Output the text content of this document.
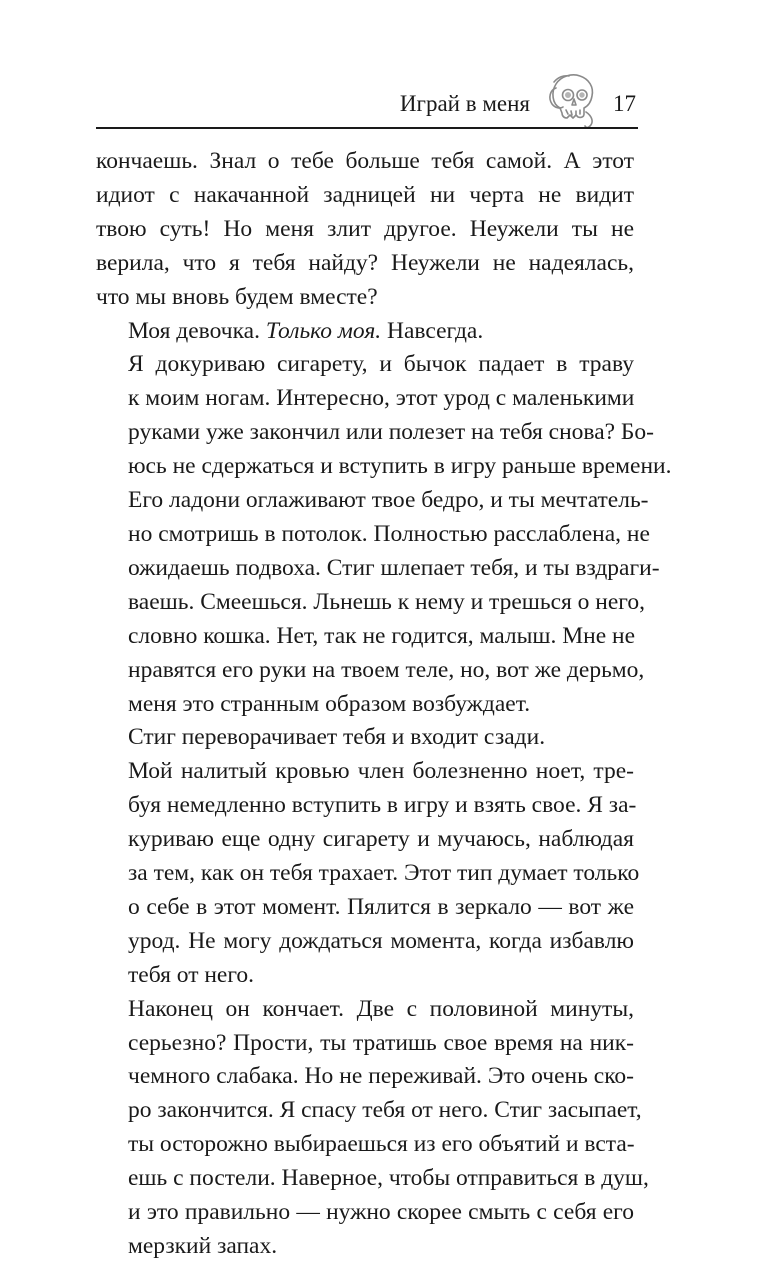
Играй в меня	17

кончаешь. Знал о тебе больше тебя самой. А этот
идиот с накачанной задницей ни черта не видит
твою суть! Но меня злит другое. Неужели ты не
верила, что я тебя найду? Неужели не надеялась,
что мы вновь будем вместе?

Моя девочка. Только моя. Навсегда.

Я докуриваю сигарету, и бычок падает в траву
к моим ногам. Интересно, этот урод с маленькими
руками уже закончил или полезет на тебя снова? Бо-
юсь не сдержаться и вступить в игру раньше времени.
Его ладони оглаживают твое бедро, и ты мечтатель-
но смотришь в потолок. Полностью расслаблена, не
ожидаешь подвоха. Стиг шлепает тебя, и ты вздраги-
ваешь. Смеешься. Льнешь к нему и трешься о него,
словно кошка. Нет, так не годится, малыш. Мне не
нравятся его руки на твоем теле, но, вот же дерьмо,
меня это странным образом возбуждает.

Стиг переворачивает тебя и входит сзади.

Мой налитый кровью член болезненно ноет, тре-
буя немедленно вступить в игру и взять свое. Я за-
куриваю еще одну сигарету и мучаюсь, наблюдая
за тем, как он тебя трахает. Этот тип думает только
о себе в этот момент. Пялится в зеркало — вот же
урод. Не могу дождаться момента, когда избавлю
тебя от него.

Наконец он кончает. Две с половиной минуты,
серьезно? Прости, ты тратишь свое время на ник-
чемного слабака. Но не переживай. Это очень ско-
ро закончится. Я спасу тебя от него. Стиг засыпает,
ты осторожно выбираешься из его объятий и вста-
ешь с постели. Наверное, чтобы отправиться в душ,
и это правильно — нужно скорее смыть с себя его
мерзкий запах.
